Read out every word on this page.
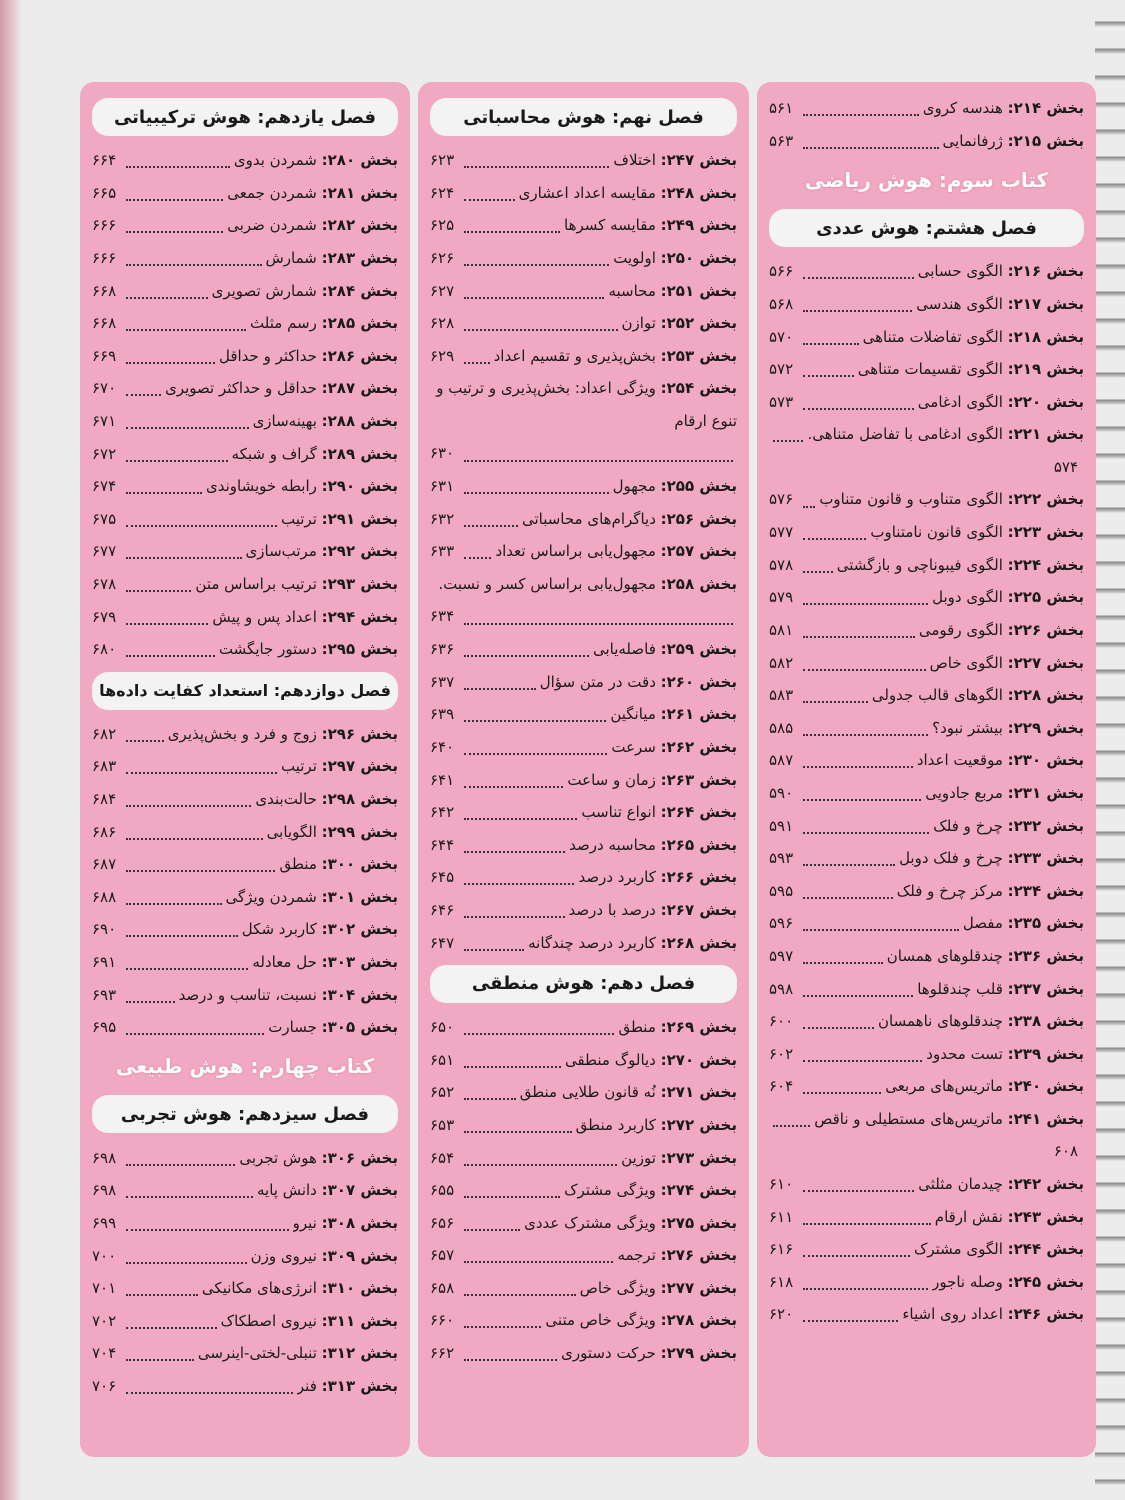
بخش ۲۱۴: هندسه کروی
۵۶۱
بخش ۲۱۵: ژرفانمایی
۵۶۳
کتاب سوم: هوش ریاضی
فصل هشتم: هوش عددی
بخش ۲۱۶: الگوی حسابی
۵۶۶
بخش ۲۱۷: الگوی هندسی
۵۶۸
بخش ۲۱۸: الگوی تفاضلات متناهی
۵۷۰
بخش ۲۱۹: الگوی تقسیمات متناهی
۵۷۲
بخش ۲۲۰: الگوی ادغامی
۵۷۳
بخش ۲۲۱: الگوی ادغامی با تفاضل متناهی.
۵۷۴
بخش ۲۲۲: الگوی متناوب و قانون متناوب
۵۷۶
بخش ۲۲۳: الگوی قانون نامتناوب
۵۷۷
بخش ۲۲۴: الگوی فیبوناچی و بازگشتی
۵۷۸
بخش ۲۲۵: الگوی دوبل
۵۷۹
بخش ۲۲۶: الگوی رقومی
۵۸۱
بخش ۲۲۷: الگوی خاص
۵۸۲
بخش ۲۲۸: الگوهای قالب جدولی
۵۸۳
بخش ۲۲۹: بیشتر نبود؟
۵۸۵
بخش ۲۳۰: موقعیت اعداد
۵۸۷
بخش ۲۳۱: مربع جادویی
۵۹۰
بخش ۲۳۲: چرخ و فلک
۵۹۱
بخش ۲۳۳: چرخ و فلک دوبل
۵۹۳
بخش ۲۳۴: مرکز چرخ و فلک
۵۹۵
بخش ۲۳۵: مفصل
۵۹۶
بخش ۲۳۶: چندقلوهای همسان
۵۹۷
بخش ۲۳۷: قلب چندقلوها
۵۹۸
بخش ۲۳۸: چندقلوهای ناهمسان
۶۰۰
بخش ۲۳۹: تست محدود
۶۰۲
بخش ۲۴۰: ماتریس‌های مربعی
۶۰۴
بخش ۲۴۱: ماتریس‌های مستطیلی و ناقص
۶۰۸
بخش ۲۴۲: چیدمان مثلثی
۶۱۰
بخش ۲۴۳: نقش ارقام
۶۱۱
بخش ۲۴۴: الگوی مشترک
۶۱۶
بخش ۲۴۵: وصله ناجور
۶۱۸
بخش ۲۴۶: اعداد روی اشیاء
۶۲۰
فصل نهم: هوش محاسباتی
بخش ۲۴۷: اختلاف
۶۲۳
بخش ۲۴۸: مقایسه اعداد اعشاری
۶۲۴
بخش ۲۴۹: مقایسه کسرها
۶۲۵
بخش ۲۵۰: اولویت
۶۲۶
بخش ۲۵۱: محاسبه
۶۲۷
بخش ۲۵۲: توازن
۶۲۸
بخش ۲۵۳: بخش‌پذیری و تقسیم اعداد
۶۲۹
بخش ۲۵۴: ویژگی اعداد: بخش‌پذیری و ترتیب و تنوع ارقام
۶۳۰
بخش ۲۵۵: مجهول
۶۳۱
بخش ۲۵۶: دیاگرام‌های محاسباتی
۶۳۲
بخش ۲۵۷: مجهول‌یابی براساس تعداد
۶۳۳
بخش ۲۵۸: مجهول‌یابی براساس کسر و نسبت.
۶۳۴
بخش ۲۵۹: فاصله‌یابی
۶۳۶
بخش ۲۶۰: دقت در متن سؤال
۶۳۷
بخش ۲۶۱: میانگین
۶۳۹
بخش ۲۶۲: سرعت
۶۴۰
بخش ۲۶۳: زمان و ساعت
۶۴۱
بخش ۲۶۴: انواع تناسب
۶۴۲
بخش ۲۶۵: محاسبه درصد
۶۴۴
بخش ۲۶۶: کاربرد درصد
۶۴۵
بخش ۲۶۷: درصد با درصد
۶۴۶
بخش ۲۶۸: کاربرد درصد چندگانه
۶۴۷
فصل دهم: هوش منطقی
بخش ۲۶۹: منطق
۶۵۰
بخش ۲۷۰: دیالوگ منطقی
۶۵۱
بخش ۲۷۱: نُه قانون طلایی منطق
۶۵۲
بخش ۲۷۲: کاربرد منطق
۶۵۳
بخش ۲۷۳: توزین
۶۵۴
بخش ۲۷۴: ویژگی مشترک
۶۵۵
بخش ۲۷۵: ویژگی مشترک عددی
۶۵۶
بخش ۲۷۶: ترجمه
۶۵۷
بخش ۲۷۷: ویژگی خاص
۶۵۸
بخش ۲۷۸: ویژگی خاص متنی
۶۶۰
بخش ۲۷۹: حرکت دستوری
۶۶۲
فصل یازدهم: هوش ترکیبیاتی
بخش ۲۸۰: شمردن بدوی
۶۶۴
بخش ۲۸۱: شمردن جمعی
۶۶۵
بخش ۲۸۲: شمردن ضربی
۶۶۶
بخش ۲۸۳: شمارش
۶۶۶
بخش ۲۸۴: شمارش تصویری
۶۶۸
بخش ۲۸۵: رسم مثلث
۶۶۸
بخش ۲۸۶: حداکثر و حداقل
۶۶۹
بخش ۲۸۷: حداقل و حداکثر تصویری
۶۷۰
بخش ۲۸۸: بهینه‌سازی
۶۷۱
بخش ۲۸۹: گراف و شبکه
۶۷۲
بخش ۲۹۰: رابطه خویشاوندی
۶۷۴
بخش ۲۹۱: ترتیب
۶۷۵
بخش ۲۹۲: مرتب‌سازی
۶۷۷
بخش ۲۹۳: ترتیب براساس متن
۶۷۸
بخش ۲۹۴: اعداد پس و پیش
۶۷۹
بخش ۲۹۵: دستور جایگشت
۶۸۰
فصل دوازدهم: استعداد کفایت داده‌ها
بخش ۲۹۶: زوج و فرد و بخش‌پذیری
۶۸۲
بخش ۲۹۷: ترتیب
۶۸۳
بخش ۲۹۸: حالت‌بندی
۶۸۴
بخش ۲۹۹: الگویابی
۶۸۶
بخش ۳۰۰: منطق
۶۸۷
بخش ۳۰۱: شمردن ویژگی
۶۸۸
بخش ۳۰۲: کاربرد شکل
۶۹۰
بخش ۳۰۳: حل معادله
۶۹۱
بخش ۳۰۴: نسبت، تناسب و درصد
۶۹۳
بخش ۳۰۵: جسارت
۶۹۵
کتاب چهارم: هوش طبیعی
فصل سیزدهم: هوش تجربی
بخش ۳۰۶: هوش تجربی
۶۹۸
بخش ۳۰۷: دانش پایه
۶۹۸
بخش ۳۰۸: نیرو
۶۹۹
بخش ۳۰۹: نیروی وزن
۷۰۰
بخش ۳۱۰: انرژی‌های مکانیکی
۷۰۱
بخش ۳۱۱: نیروی اصطکاک
۷۰۲
بخش ۳۱۲: تنبلی-لختی-اینرسی
۷۰۴
بخش ۳۱۳: فنر
۷۰۶
